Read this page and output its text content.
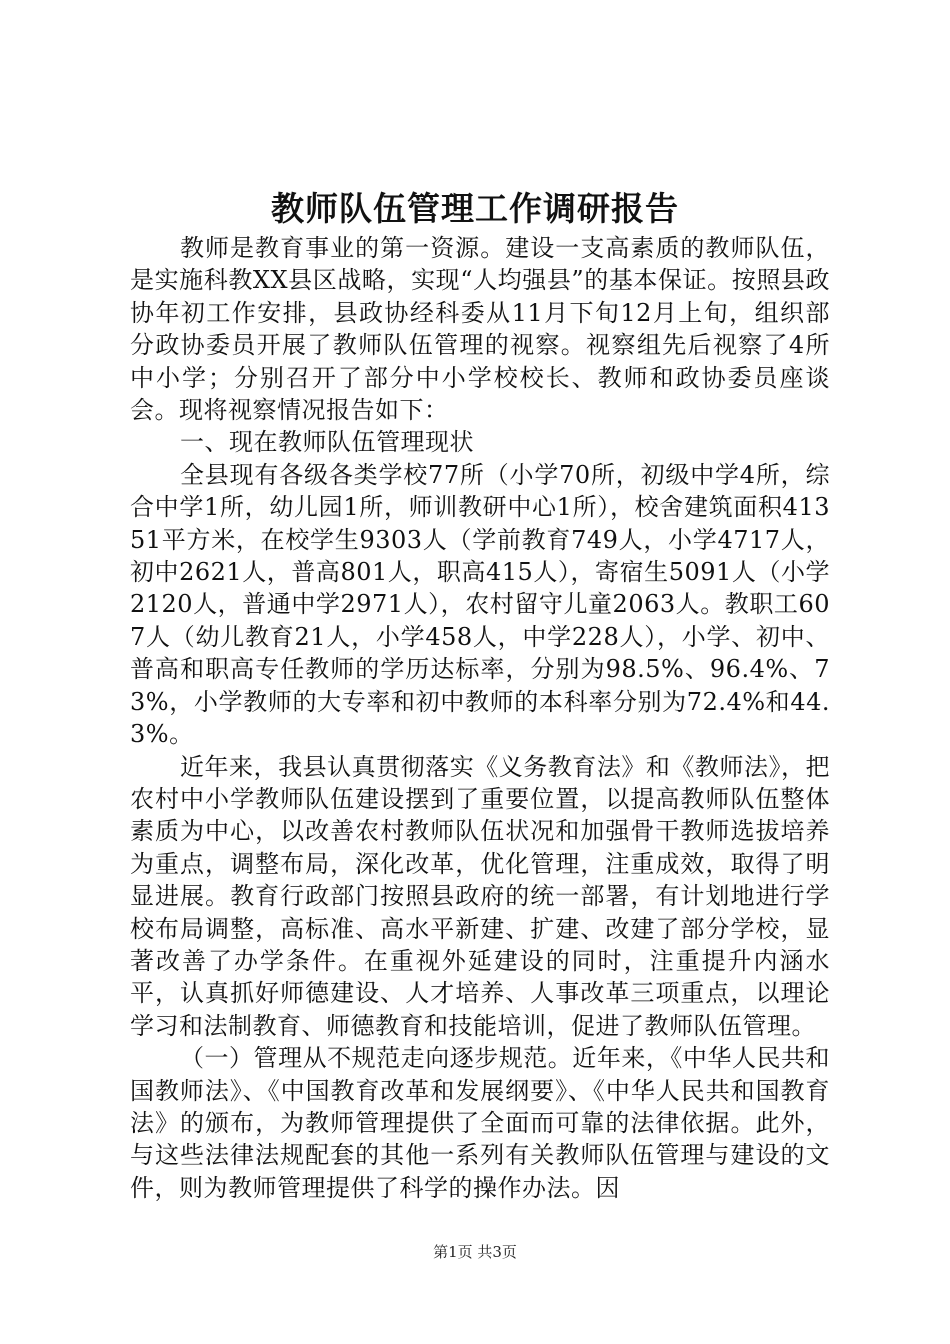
教师队伍管理工作调研报告

教师是教育事业的第一资源。建设一支高素质的教师队伍，是实施科教XX县区战略，实现“人均强县”的基本保证。按照县政协年初工作安排，县政协经科委从11月下旬12月上旬，组织部分政协委员开展了教师队伍管理的视察。视察组先后视察了4所中小学；分别召开了部分中小学校校长、教师和政协委员座谈会。现将视察情况报告如下：

一、现在教师队伍管理现状

全县现有各级各类学校77所（小学70所，初级中学4所，综合中学1所，幼儿园1所，师训教研中心1所），校舍建筑面积41351平方米，在校学生9303人（学前教育749人，小学4717人，初中2621人，普高801人，职高415人），寄宿生5091人（小学2120人，普通中学2971人），农村留守儿童2063人。教职工607人（幼儿教育21人，小学458人，中学228人），小学、初中、普高和职高专任教师的学历达标率，分别为98.5%、96.4%、73%，小学教师的大专率和初中教师的本科率分别为72.4%和44.3%。

近年来，我县认真贯彻落实《义务教育法》和《教师法》，把农村中小学教师队伍建设摆到了重要位置，以提高教师队伍整体素质为中心，以改善农村教师队伍状况和加强骨干教师选拔培养为重点，调整布局，深化改革，优化管理，注重成效，取得了明显进展。教育行政部门按照县政府的统一部署，有计划地进行学校布局调整，高标准、高水平新建、扩建、改建了部分学校，显著改善了办学条件。在重视外延建设的同时，注重提升内涵水平，认真抓好师德建设、人才培养、人事改革三项重点，以理论学习和法制教育、师德教育和技能培训，促进了教师队伍管理。

（一）管理从不规范走向逐步规范。近年来，《中华人民共和国教师法》、《中国教育改革和发展纲要》、《中华人民共和国教育法》的颁布，为教师管理提供了全面而可靠的法律依据。此外，与这些法律法规配套的其他一系列有关教师队伍管理与建设的文件，则为教师管理提供了科学的操作办法。因

第1页 共3页
